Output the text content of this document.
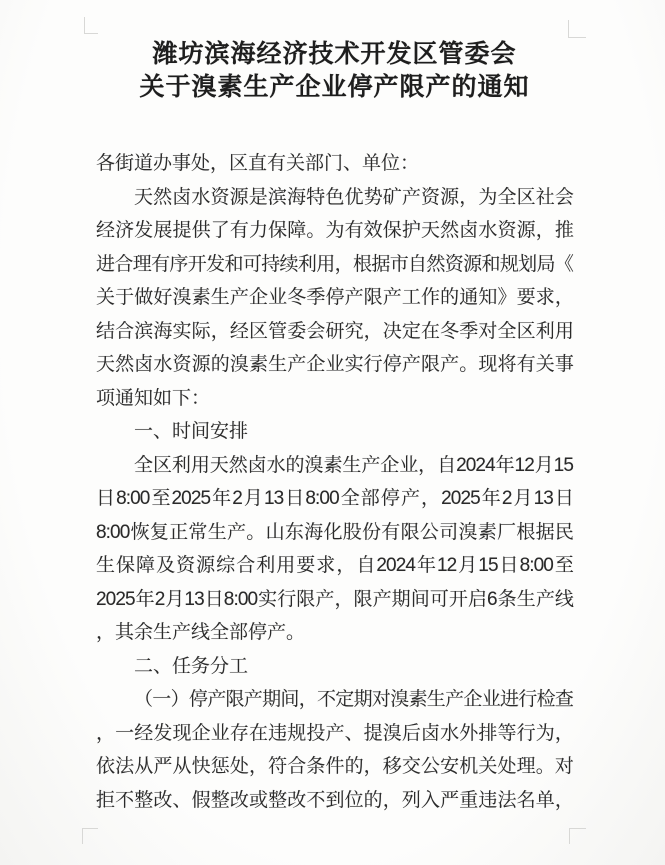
潍坊滨海经济技术开发区管委会
关于溴素生产企业停产限产的通知
各街道办事处，区直有关部门、单位：
天然卤水资源是滨海特色优势矿产资源，为全区社会
经济发展提供了有力保障。为有效保护天然卤水资源，推
进合理有序开发和可持续利用，根据市自然资源和规划局《
关于做好溴素生产企业冬季停产限产工作的通知》要求，
结合滨海实际，经区管委会研究，决定在冬季对全区利用
天然卤水资源的溴素生产企业实行停产限产。现将有关事
项通知如下：
一、时间安排
全区利用天然卤水的溴素生产企业，自2024年12月15
日8:00至2025年2月13日8:00全部停产，2025年2月13日
8:00恢复正常生产。山东海化股份有限公司溴素厂根据民
生保障及资源综合利用要求，自2024年12月15日8:00至
2025年2月13日8:00实行限产，限产期间可开启6条生产线
，其余生产线全部停产。
二、任务分工
（一）停产限产期间，不定期对溴素生产企业进行检查
，一经发现企业存在违规投产、提溴后卤水外排等行为，
依法从严从快惩处，符合条件的，移交公安机关处理。对
拒不整改、假整改或整改不到位的，列入严重违法名单，
